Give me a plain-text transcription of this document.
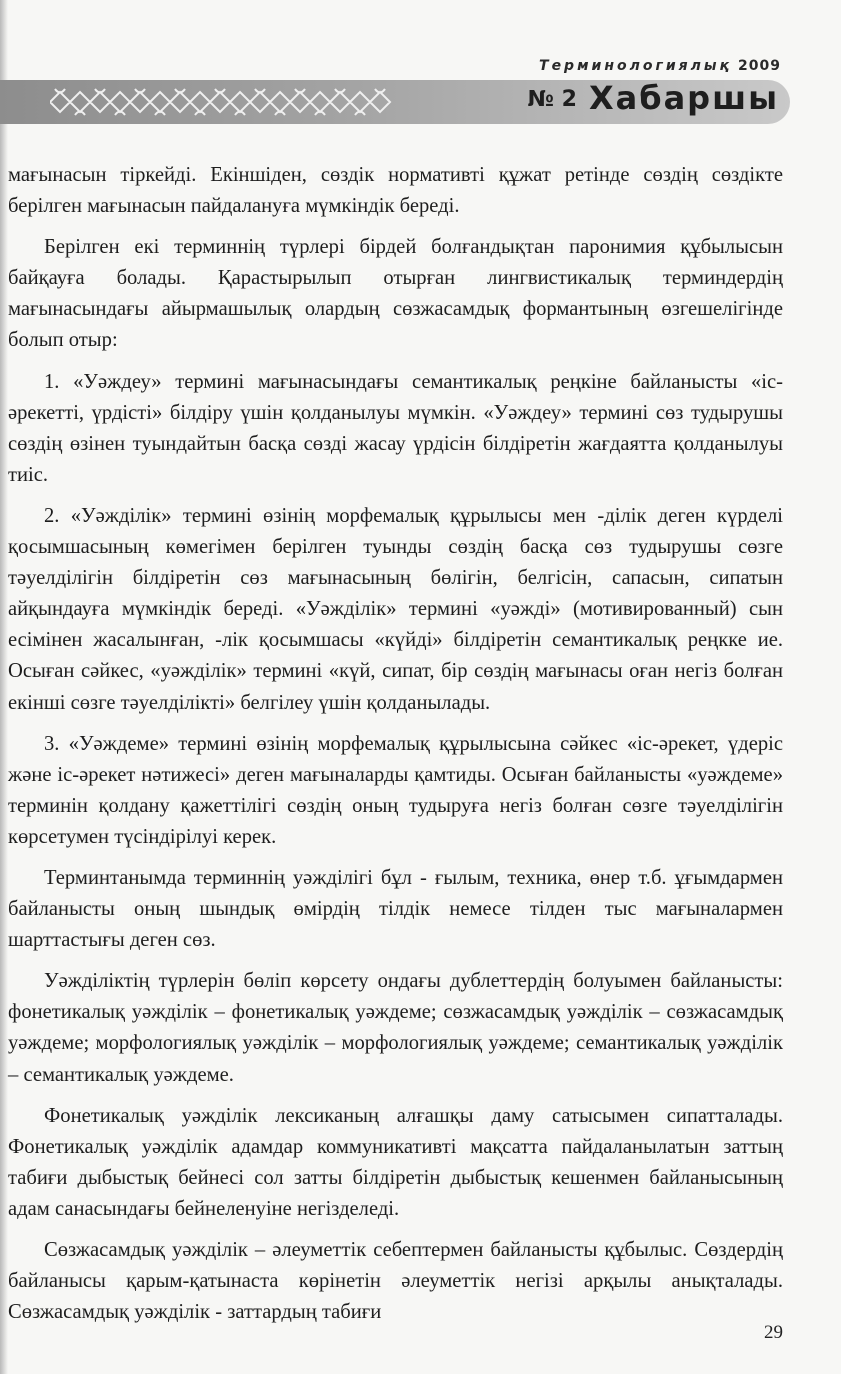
Терминологиялық 2009
№ 2 Хабаршы

мағынасын тіркейді. Екіншіден, сөздік нормативті құжат ретінде сөздің сөздікте берілген мағынасын пайдалануға мүмкіндік береді.

Берілген екі терминнің түрлері бірдей болғандықтан паронимия құбылысын байқауға болады. Қарастырылып отырған лингвистикалық терминдердің мағынасындағы айырмашылық олардың сөзжасамдық формантының өзгешелігінде болып отыр:

1. «Уәждеу» термині мағынасындағы семантикалық реңкіне байланысты «іс-әрекетті, үрдісті» білдіру үшін қолданылуы мүмкін. «Уәждеу» термині сөз тудырушы сөздің өзінен туындайтын басқа сөзді жасау үрдісін білдіретін жағдаятта қолданылуы тиіс.

2. «Уәжділік» термині өзінің морфемалық құрылысы мен -ділік деген күрделі қосымшасының көмегімен берілген туынды сөздің басқа сөз тудырушы сөзге тәуелділігін білдіретін сөз мағынасының бөлігін, белгісін, сапасын, сипатын айқындауға мүмкіндік береді. «Уәжділік» термині «уәжді» (мотивированный) сын есімінен жасалынған, -лік қосымшасы «күйді» білдіретін семантикалық реңкке ие. Осыған сәйкес, «уәжділік» термині «күй, сипат, бір сөздің мағынасы оған негіз болған екінші сөзге тәуелділікті» белгілеу үшін қолданылады.

3. «Уәждеме» термині өзінің морфемалық құрылысына сәйкес «іс-әрекет, үдеріс және іс-әрекет нәтижесі» деген мағыналарды қамтиды. Осыған байланысты «уәждеме» терминін қолдану қажеттілігі сөздің оның тудыруға негіз болған сөзге тәуелділігін көрсетумен түсіндірілуі керек.

Терминтанымда терминнің уәжділігі бұл - ғылым, техника, өнер т.б. ұғымдармен байланысты оның шындық өмірдің тілдік немесе тілден тыс мағыналармен шарттастығы деген сөз.

Уәжділіктің түрлерін бөліп көрсету ондағы дублеттердің болуымен байланысты: фонетикалық уәжділік – фонетикалық уәждеме; сөзжасамдық уәжділік – сөзжасамдық уәждеме; морфологиялық уәжділік – морфологиялық уәждеме; семантикалық уәжділік – семантикалық уәждеме.

Фонетикалық уәжділік лексиканың алғашқы даму сатысымен сипатталады. Фонетикалық уәжділік адамдар коммуникативті мақсатта пайдаланылатын заттың табиғи дыбыстық бейнесі сол затты білдіретін дыбыстық кешенмен байланысының адам санасындағы бейнеленуіне негізделеді.

Сөзжасамдық уәжділік – әлеуметтік себептермен байланысты құбылыс. Сөздердің байланысы қарым-қатынаста көрінетін әлеуметтік негізі арқылы анықталады. Сөзжасамдық уәжділік - заттардың табиғи

29
